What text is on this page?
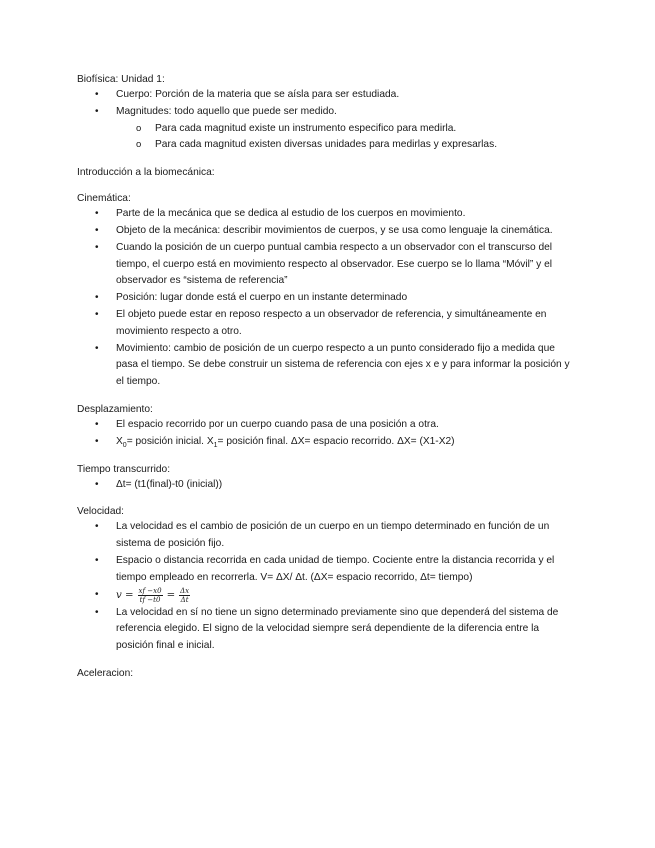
Biofísica: Unidad 1:

• Cuerpo: Porción de la materia que se aísla para ser estudiada.
• Magnitudes: todo aquello que puede ser medido.
o Para cada magnitud existe un instrumento especifico para medirla.
o Para cada magnitud existen diversas unidades para medirlas y expresarlas.

Introducción a la biomecánica:

Cinemática:

• Parte de la mecánica que se dedica al estudio de los cuerpos en movimiento.
• Objeto de la mecánica: describir movimientos de cuerpos, y se usa como lenguaje la cinemática.
• Cuando la posición de un cuerpo puntual cambia respecto a un observador con el transcurso del tiempo, el cuerpo está en movimiento respecto al observador. Ese cuerpo se lo llama “Móvil” y el observador es “sistema de referencia”
• Posición: lugar donde está el cuerpo en un instante determinado
• El objeto puede estar en reposo respecto a un observador de referencia, y simultáneamente en movimiento respecto a otro.
• Movimiento: cambio de posición de un cuerpo respecto a un punto considerado fijo a medida que pasa el tiempo. Se debe construir un sistema de referencia con ejes x e y para informar la posición y el tiempo.

Desplazamiento:

• El espacio recorrido por un cuerpo cuando pasa de una posición a otra.
• $X_0=$ posición inicial. $X_1=$ posición final. ΔX= espacio recorrido. ΔX= (X1-X2)

Tiempo transcurrido:

• Δt= (t1(final)-t0 (inicial))

Velocidad:

• La velocidad es el cambio de posición de un cuerpo en un tiempo determinado en función de un sistema de posición fijo.
• Espacio o distancia recorrida en cada unidad de tiempo. Cociente entre la distancia recorrida y el tiempo empleado en recorrerla. V= ΔX/ Δt. (ΔX= espacio recorrido, Δt= tiempo)
• $v = \frac{xf -x0}{tf -t0} = \frac{\Delta x}{\Delta t}$
• La velocidad en sí no tiene un signo determinado previamente sino que dependerá del sistema de referencia elegido. El signo de la velocidad siempre será dependiente de la diferencia entre la posición final e inicial.

Aceleracion:
